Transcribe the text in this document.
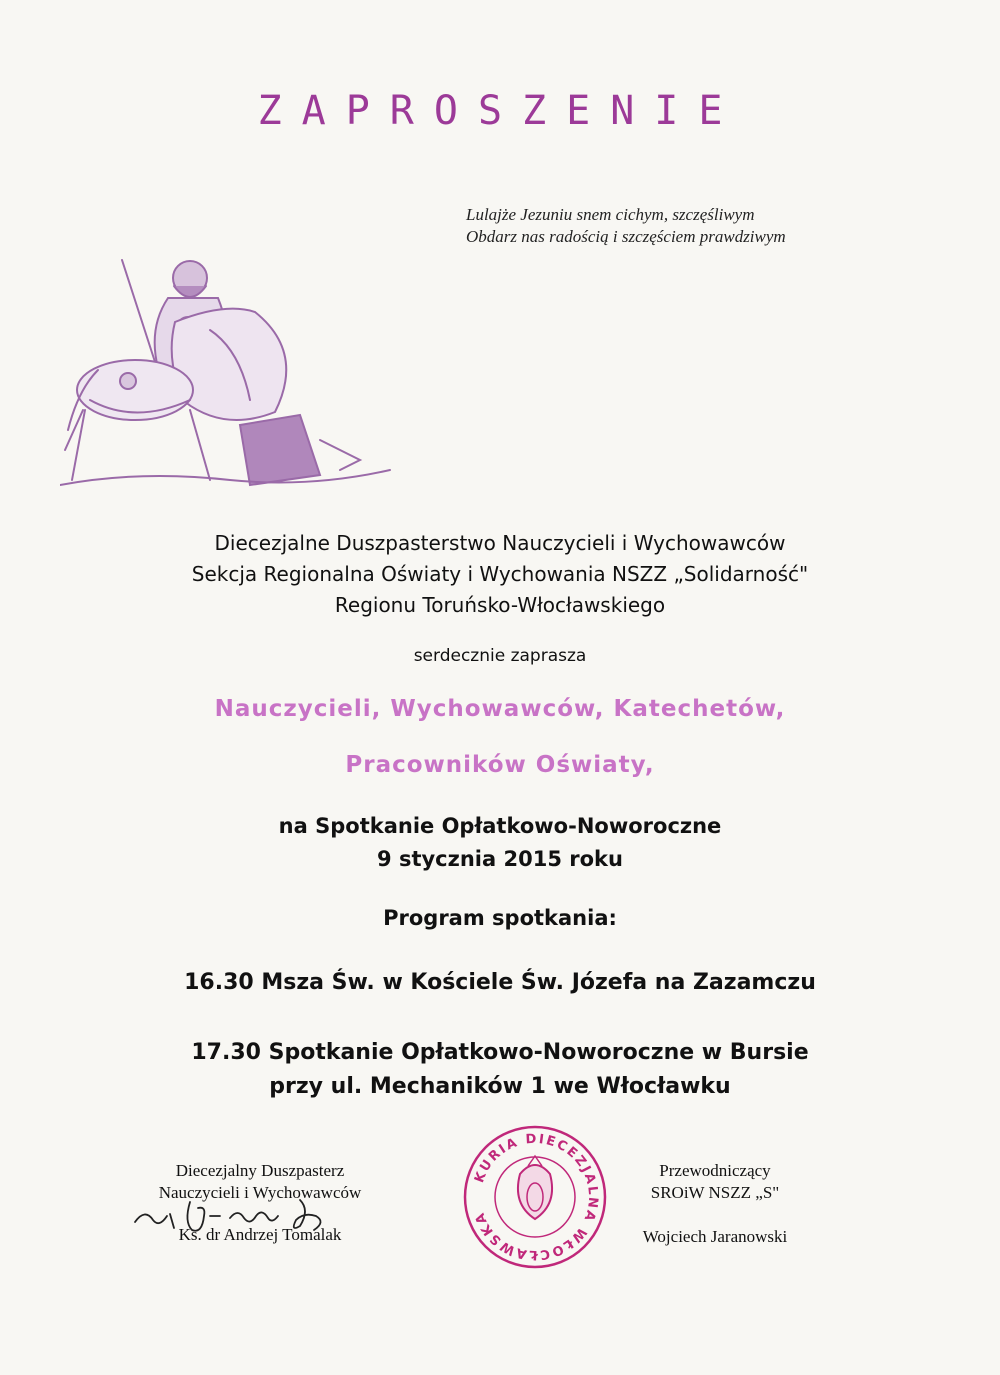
ZAPROSZENIE
Lulajże Jezuniu snem cichym, szczęśliwym
Obdarz nas radością i szczęściem prawdziwym
Diecezjalne Duszpasterstwo Nauczycieli i Wychowawców
Sekcja Regionalna Oświaty i Wychowania NSZZ „Solidarność"
Regionu Toruńsko-Włocławskiego
serdecznie zaprasza
Nauczycieli, Wychowawców, Katechetów,
Pracowników Oświaty,
na Spotkanie Opłatkowo-Noworoczne
9 stycznia 2015 roku
Program spotkania:
16.30 Msza Św. w Kościele Św. Józefa na Zazamczu
17.30 Spotkanie Opłatkowo-Noworoczne w Bursie
przy ul. Mechaników 1 we Włocławku
Diecezjalny Duszpasterz
Nauczycieli i Wychowawców
Ks. dr Andrzej Tomalak
KURIA DIECEZJALNA WŁOCŁAWSKA
Przewodniczący
SROiW NSZZ „S"
Wojciech Jaranowski
